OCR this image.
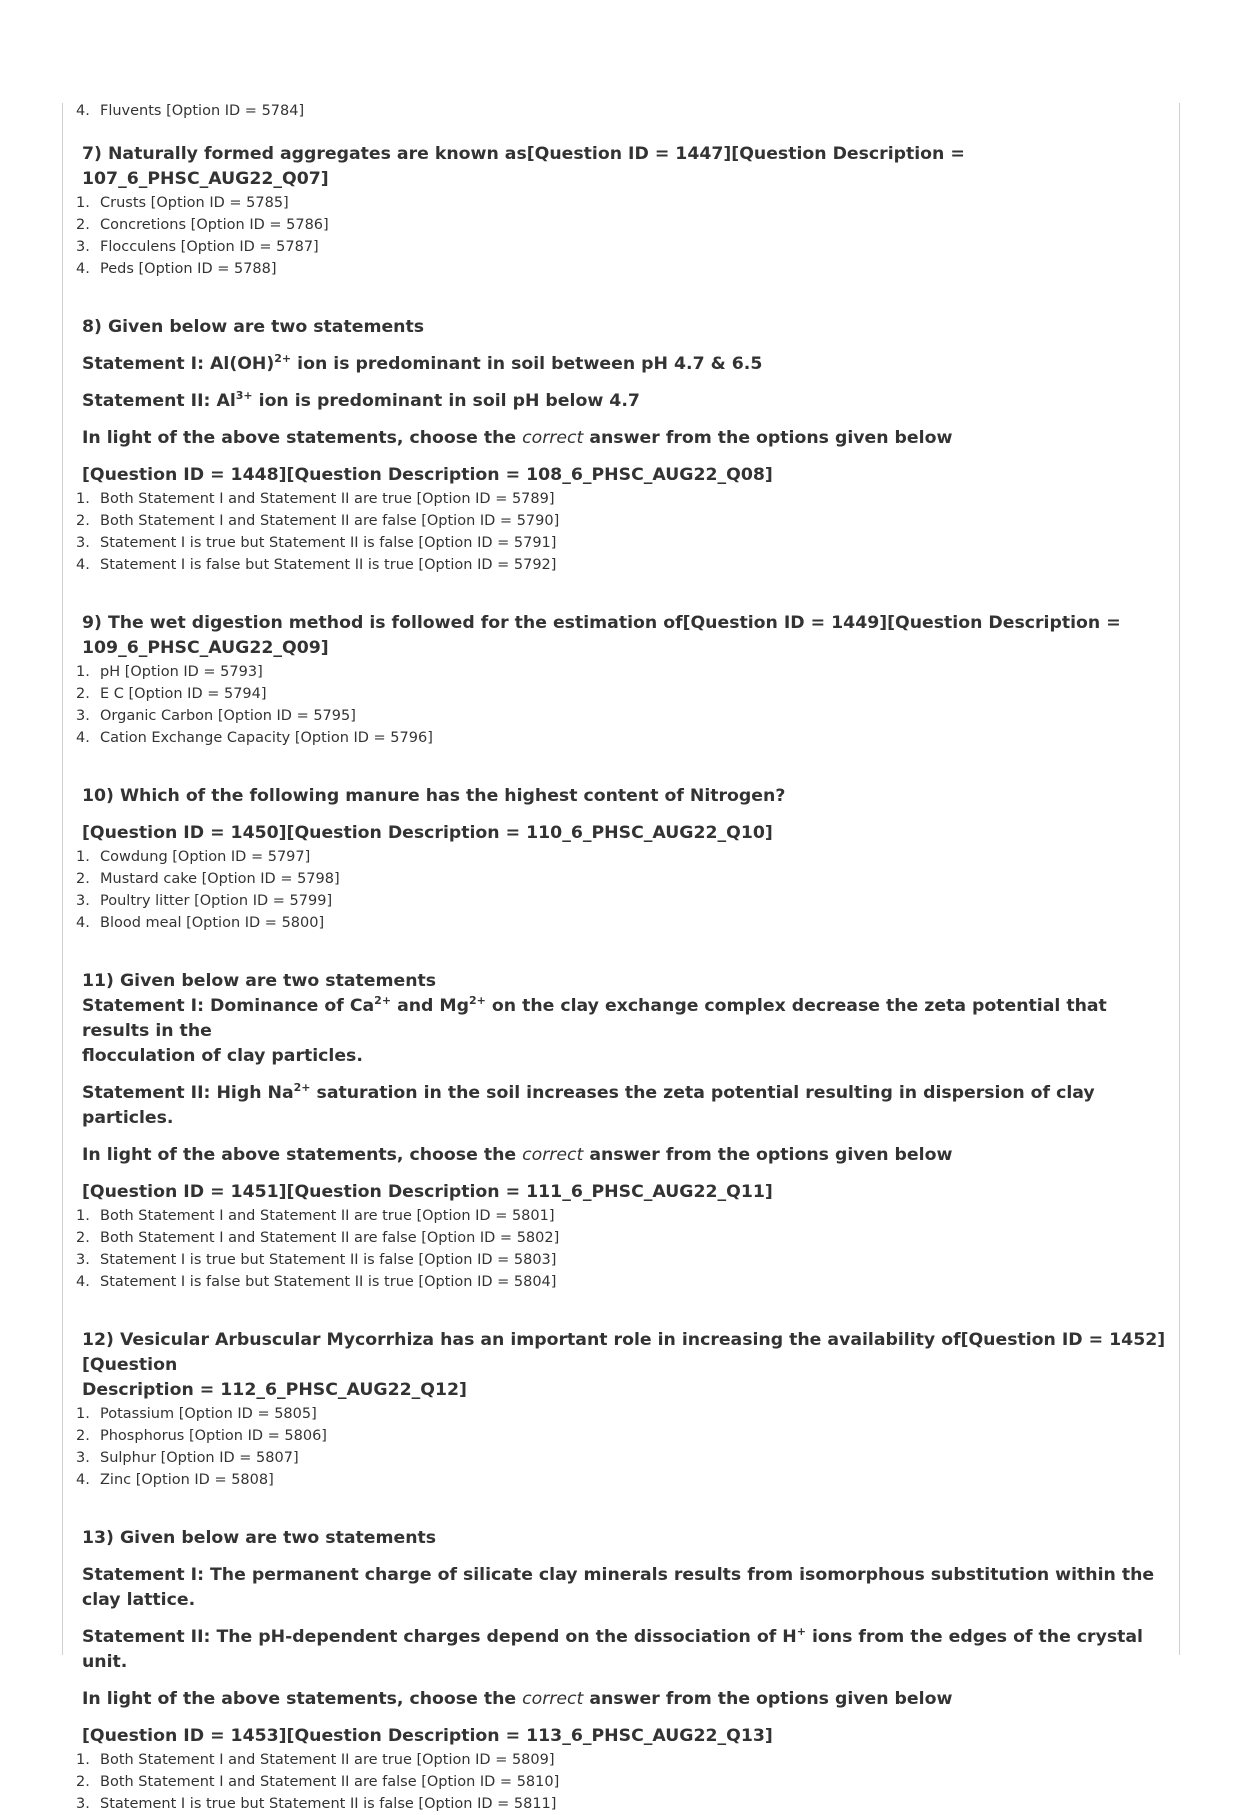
4. Fluvents [Option ID = 5784]
7) Naturally formed aggregates are known as[Question ID = 1447][Question Description = 107_6_PHSC_AUG22_Q07]
1. Crusts [Option ID = 5785]
2. Concretions [Option ID = 5786]
3. Flocculens [Option ID = 5787]
4. Peds [Option ID = 5788]
8) Given below are two statements
Statement I: Al(OH)$^{2+}$ ion is predominant in soil between pH 4.7 & 6.5
Statement II: $Al^{3+}$ ion is predominant in soil pH below 4.7
In light of the above statements, choose the correct answer from the options given below
[Question ID = 1448][Question Description = 108_6_PHSC_AUG22_Q08]
1. Both Statement I and Statement II are true [Option ID = 5789]
2. Both Statement I and Statement II are false [Option ID = 5790]
3. Statement I is true but Statement II is false [Option ID = 5791]
4. Statement I is false but Statement II is true [Option ID = 5792]
9) The wet digestion method is followed for the estimation of[Question ID = 1449][Question Description =
109_6_PHSC_AUG22_Q09]
1. pH [Option ID = 5793]
2. E C [Option ID = 5794]
3. Organic Carbon [Option ID = 5795]
4. Cation Exchange Capacity [Option ID = 5796]
10) Which of the following manure has the highest content of Nitrogen?
[Question ID = 1450][Question Description = 110_6_PHSC_AUG22_Q10]
1. Cowdung [Option ID = 5797]
2. Mustard cake [Option ID = 5798]
3. Poultry litter [Option ID = 5799]
4. Blood meal [Option ID = 5800]
11) Given below are two statements
Statement I: Dominance of $Ca^{2+}$ and $Mg^{2+}$ on the clay exchange complex decrease the zeta potential that results in the
flocculation of clay particles.
Statement II: High $Na^{2+}$ saturation in the soil increases the zeta potential resulting in dispersion of clay particles.
In light of the above statements, choose the correct answer from the options given below
[Question ID = 1451][Question Description = 111_6_PHSC_AUG22_Q11]
1. Both Statement I and Statement II are true [Option ID = 5801]
2. Both Statement I and Statement II are false [Option ID = 5802]
3. Statement I is true but Statement II is false [Option ID = 5803]
4. Statement I is false but Statement II is true [Option ID = 5804]
12) Vesicular Arbuscular Mycorrhiza has an important role in increasing the availability of[Question ID = 1452][Question
Description = 112_6_PHSC_AUG22_Q12]
1. Potassium [Option ID = 5805]
2. Phosphorus [Option ID = 5806]
3. Sulphur [Option ID = 5807]
4. Zinc [Option ID = 5808]
13) Given below are two statements
Statement I: The permanent charge of silicate clay minerals results from isomorphous substitution within the clay lattice.
Statement II: The pH-dependent charges depend on the dissociation of H+ ions from the edges of the crystal unit.
In light of the above statements, choose the correct answer from the options given below
[Question ID = 1453][Question Description = 113_6_PHSC_AUG22_Q13]
1. Both Statement I and Statement II are true [Option ID = 5809]
2. Both Statement I and Statement II are false [Option ID = 5810]
3. Statement I is true but Statement II is false [Option ID = 5811]
